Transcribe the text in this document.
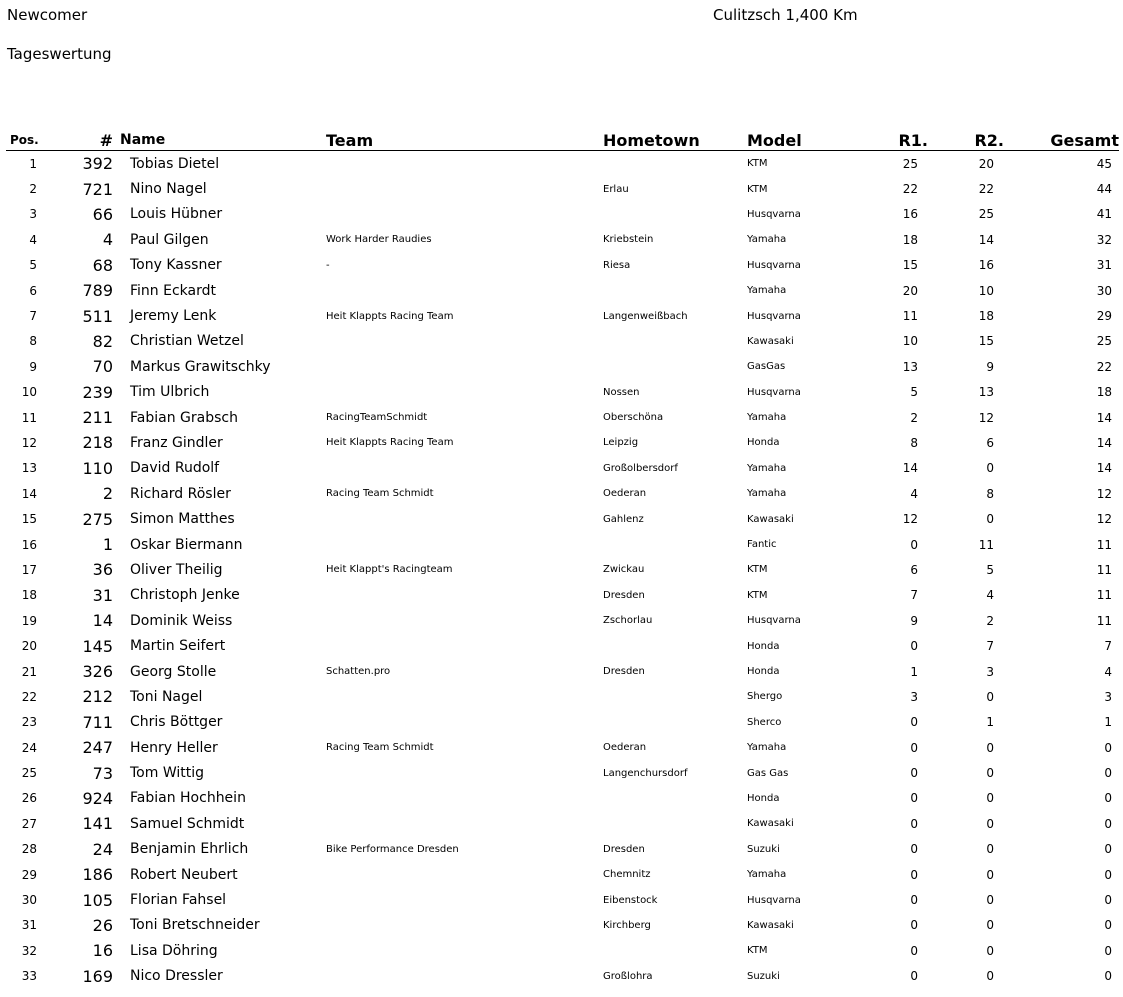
Newcomer
Tageswertung
Culitzsch 1,400 Km
Pos.	#	Name	Team	Hometown	Model	R1.	R2.	Gesamt
1	392	Tobias Dietel			KTM	25	20	45
2	721	Nino Nagel		Erlau	KTM	22	22	44
3	66	Louis Hübner			Husqvarna	16	25	41
4	4	Paul Gilgen	Work Harder Raudies	Kriebstein	Yamaha	18	14	32
5	68	Tony Kassner	-	Riesa	Husqvarna	15	16	31
6	789	Finn Eckardt			Yamaha	20	10	30
7	511	Jeremy Lenk	Heit Klappts Racing Team	Langenweißbach	Husqvarna	11	18	29
8	82	Christian Wetzel			Kawasaki	10	15	25
9	70	Markus Grawitschky			GasGas	13	9	22
10	239	Tim Ulbrich		Nossen	Husqvarna	5	13	18
11	211	Fabian Grabsch	RacingTeamSchmidt	Oberschöna	Yamaha	2	12	14
12	218	Franz Gindler	Heit Klappts Racing Team	Leipzig	Honda	8	6	14
13	110	David Rudolf		Großolbersdorf	Yamaha	14	0	14
14	2	Richard Rösler	Racing Team Schmidt	Oederan	Yamaha	4	8	12
15	275	Simon Matthes		Gahlenz	Kawasaki	12	0	12
16	1	Oskar Biermann			Fantic	0	11	11
17	36	Oliver Theilig	Heit Klappt's Racingteam	Zwickau	KTM	6	5	11
18	31	Christoph Jenke		Dresden	KTM	7	4	11
19	14	Dominik Weiss		Zschorlau	Husqvarna	9	2	11
20	145	Martin Seifert			Honda	0	7	7
21	326	Georg Stolle	Schatten.pro	Dresden	Honda	1	3	4
22	212	Toni Nagel			Shergo	3	0	3
23	711	Chris Böttger			Sherco	0	1	1
24	247	Henry Heller	Racing Team Schmidt	Oederan	Yamaha	0	0	0
25	73	Tom Wittig		Langenchursdorf	Gas Gas	0	0	0
26	924	Fabian Hochhein			Honda	0	0	0
27	141	Samuel Schmidt			Kawasaki	0	0	0
28	24	Benjamin Ehrlich	Bike Performance Dresden	Dresden	Suzuki	0	0	0
29	186	Robert Neubert		Chemnitz	Yamaha	0	0	0
30	105	Florian Fahsel		Eibenstock	Husqvarna	0	0	0
31	26	Toni Bretschneider		Kirchberg	Kawasaki	0	0	0
32	16	Lisa Döhring			KTM	0	0	0
33	169	Nico Dressler		Großlohra	Suzuki	0	0	0
